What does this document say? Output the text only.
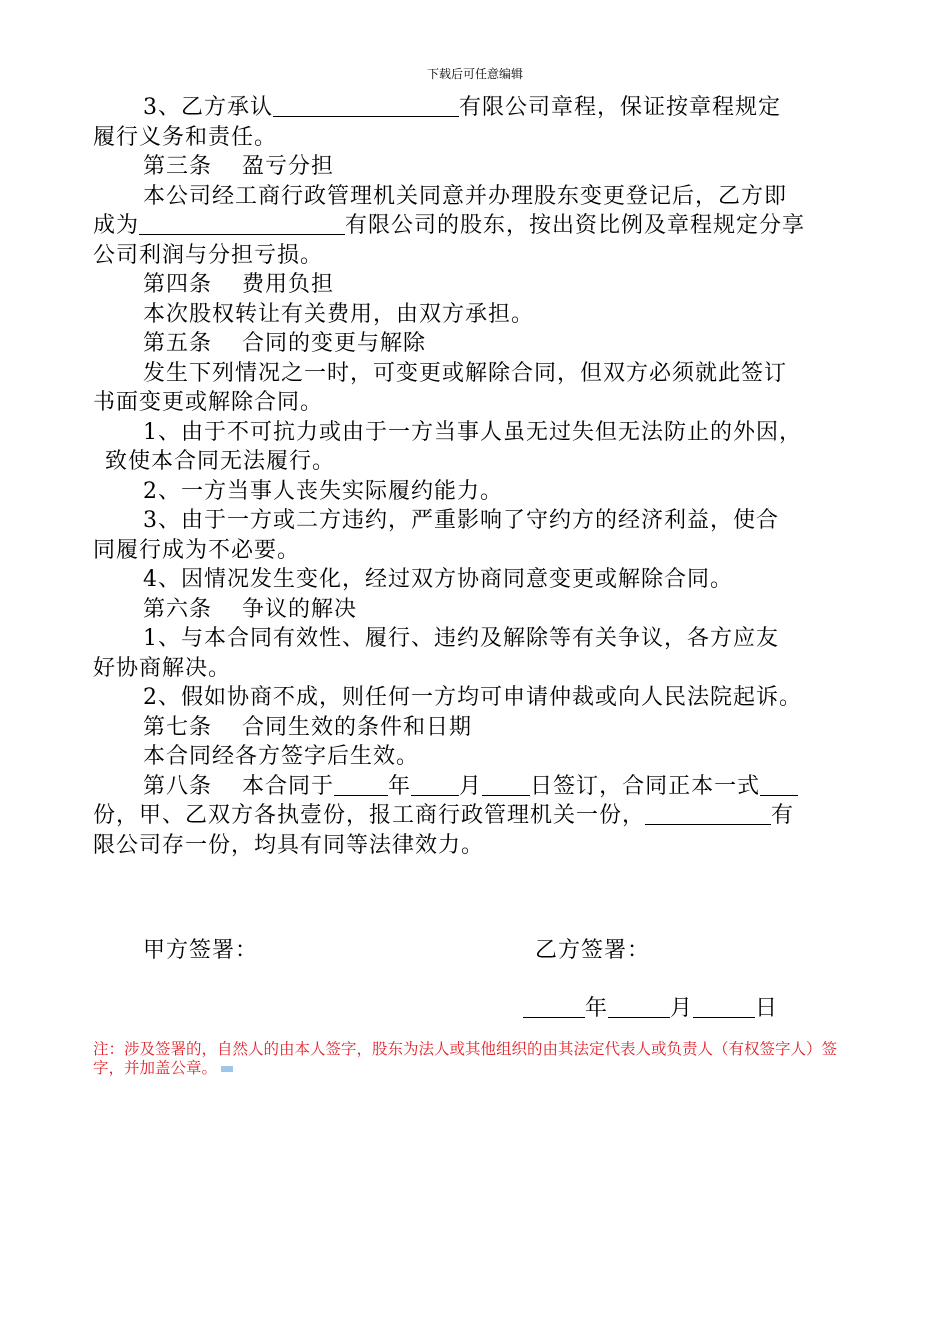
下载后可任意编辑
3、乙方承认	有限公司章程，保证按章程规定
履行义务和责任。
第三条 盈亏分担
本公司经工商行政管理机关同意并办理股东变更登记后，乙方即
成为	有限公司的股东，按出资比例及章程规定分享
公司利润与分担亏损。
第四条 费用负担
本次股权转让有关费用，由双方承担。
第五条 合同的变更与解除
发生下列情况之一时，可变更或解除合同，但双方必须就此签订
书面变更或解除合同。
1、由于不可抗力或由于一方当事人虽无过失但无法防止的外因，
致使本合同无法履行。
2、一方当事人丧失实际履约能力。
3、由于一方或二方违约，严重影响了守约方的经济利益，使合
同履行成为不必要。
4、因情况发生变化，经过双方协商同意变更或解除合同。
第六条 争议的解决
1、与本合同有效性、履行、违约及解除等有关争议，各方应友
好协商解决。
2、假如协商不成，则任何一方均可申请仲裁或向人民法院起诉。
第七条 合同生效的条件和日期
本合同经各方签字后生效。
第八条 本合同于 年 月 日签订，合同正本一式
份，甲、乙双方各执壹份，报工商行政管理机关一份，	有
限公司存一份，均具有同等法律效力。
甲方签署：	乙方签署：
年	月	日
注：涉及签署的，自然人的由本人签字，股东为法人或其他组织的由其法定代表人或负责人（有权签字人）签字，并加盖公章。
